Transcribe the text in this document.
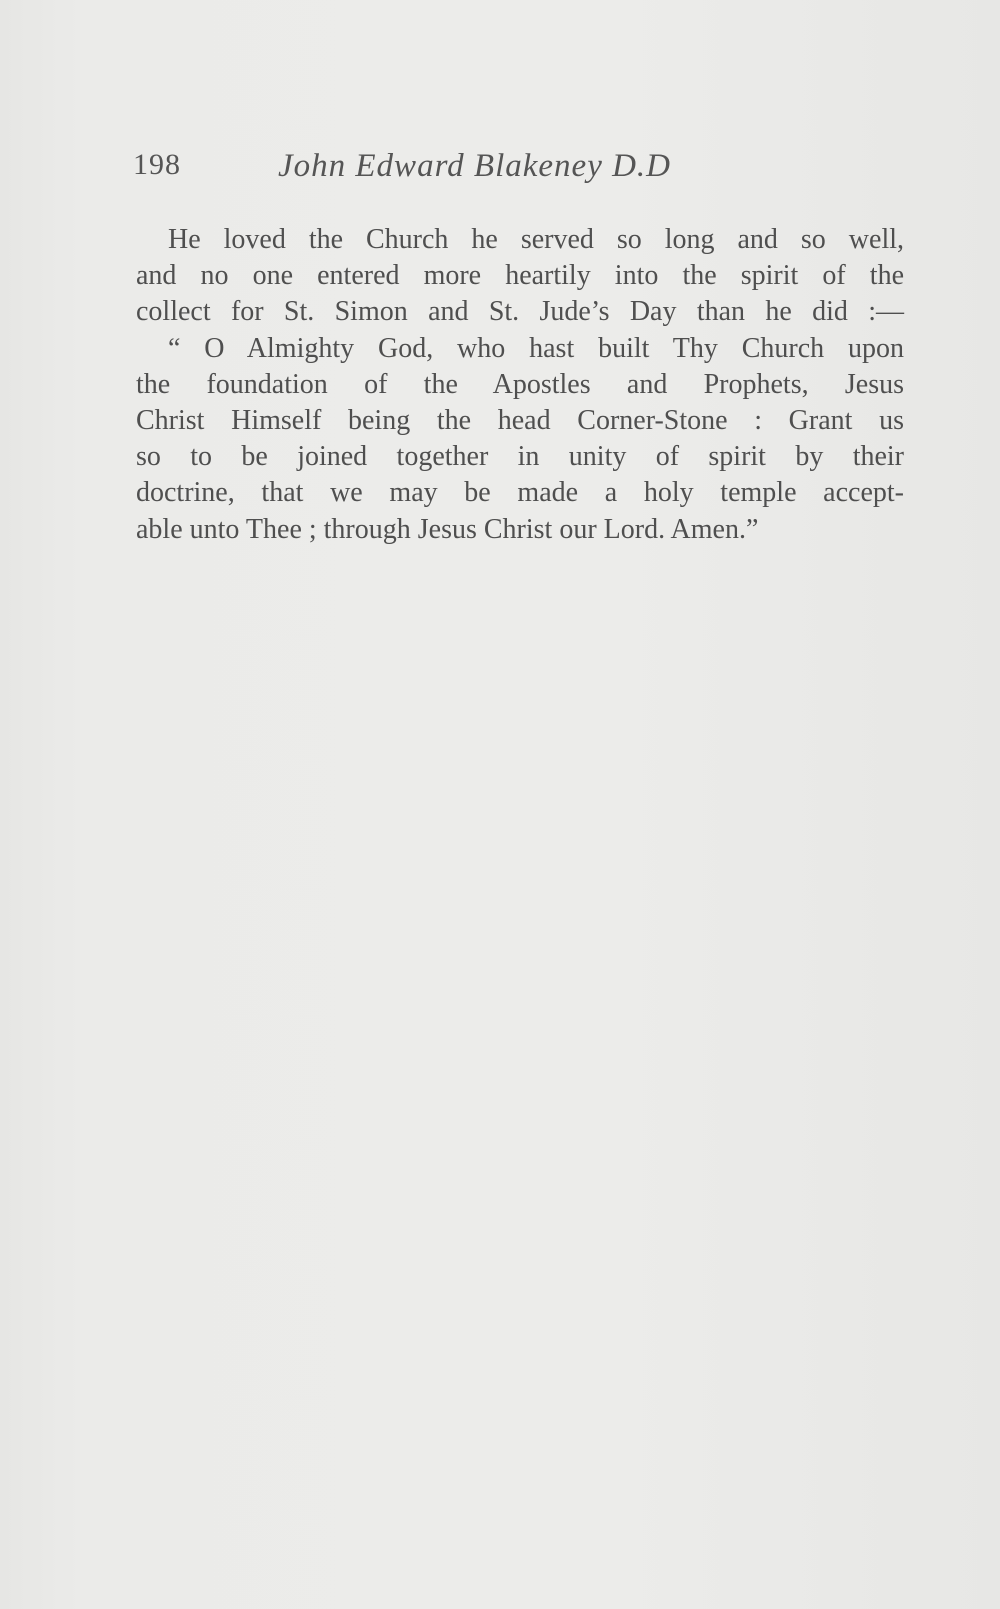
198	John Edward Blakeney D.D
He loved the Church he served so long and so well,
and no one entered more heartily into the spirit of the
collect for St. Simon and St. Jude’s Day than he did :—
“ O Almighty God, who hast built Thy Church upon
the foundation of the Apostles and Prophets, Jesus
Christ Himself being the head Corner-Stone : Grant us
so to be joined together in unity of spirit by their
doctrine, that we may be made a holy temple accept-
able unto Thee ; through Jesus Christ our Lord. Amen.”
